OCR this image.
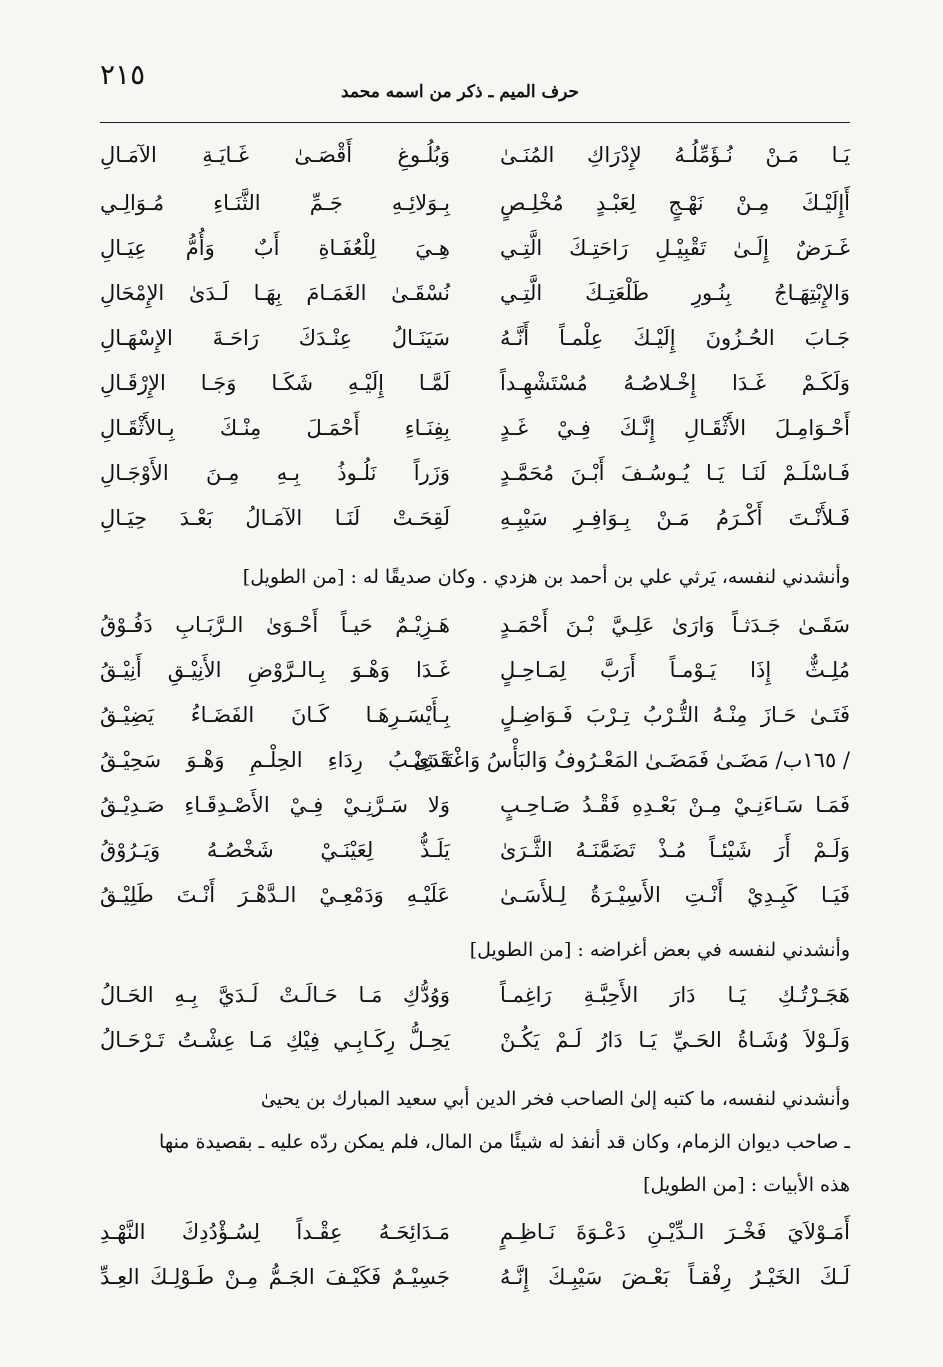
٢١٥
حرف الميم ـ ذكر من اسمه محمد
يَـا مَـنْ نُـؤَمِّلُـهُ لإِدْرَاكِ المُنَـىٰ
وَبُلُـوغِ أَقْصَـىٰ غَـايَـةِ الآمَـالِ
أَإِلَيْـكَ مِـنْ نَهْـجٍ لِعَبْـدٍ مُخْلِـصٍ
بِـوَلائِـهِ جَـمِّ الثَّنَـاءِ مُـوَالِـي
غَـرَضٌ إِلَـىٰ تَقْبِيْـلِ رَاحَتِـكَ الَّتِـي
هِـيَ لِلْعُفَـاةِ أَبٌ وَأُمُّ عِيَـالِ
وَالإِبْتِهَـاجُ بِنُـورِ طَلْعَتِـكَ الَّتِـي
نُسْقَـىٰ الغَمَـامَ بِهَـا لَـدَىٰ الإِمْحَالِ
جَـابَ الحُـزُونَ إِلَيْـكَ عِلْمـاً أَنَّـهُ
سَيَنَـالُ عِنْـدَكَ رَاحَـةَ الإِسْهَـالِ
وَلَكَـمْ غَـدَا إِخْـلاصُـهُ مُسْتَشْهِـداً
لَمَّـا إِلَيْـهِ شَكَـا وَجَـا الإِرْقَـالِ
أَحْـوَامِـلَ الأَثْقَـالِ إِنَّـكَ فِـيْ غَـدٍ
بِفِنَـاءِ أَحْمَـلَ مِنْـكَ بِـالأَثْقَـالِ
فَـاسْلَـمْ لَنَـا يَـا يُـوسُـفَ أَبْـنَ مُحَمَّـدٍ
وَزَراً نَلُـوذُ بِـهِ مِـنَ الأَوْجَـالِ
فَـلأَنْـتَ أَكْـرَمُ مَـنْ بِـوَافِـرِ سَيْبِـهِ
لَقِحَـتْ لَنَـا الآمَـالُ بَعْـدَ حِيَـالِ
وأنشدني لنفسه، يَرثي علي بن أحمد بن هزدي . وكان صديقًا له : [من الطويل]
سَقَـىٰ جَـدَثـاً وَارَىٰ عَلِـيَّ بْـنَ أَحْمَـدٍ
هَـزِيْـمٌ حَيـاً أَحْـوَىٰ الـرَّبَـابِ دَفُـوْقُ
مُلِـثٌّ إِذَا يَـوْمـاً أَرَبَّ لِمَـاحِـلٍ
غَـدَا وَهْـوَ بِـالـرَّوْضِ الأَنِيْـقِ أَنِيْـقُ
فَتَـىٰ حَـازَ مِنْـهُ التُّـرْبُ تِـرْبَ فَـوَاضِـلٍ
بِـأَيْسَـرِهَـا كَـانَ الفَضَـاءُ يَضِيْـقُ
/ ١٦٥ب/ مَضَـىٰ فَمَضَـىٰ المَعْـرُوفُ وَالبَأْسُ وَاغْتَـدَىٰ
قَشِيْـبُ رِدَاءِ الحِلْـمِ وَهْـوَ سَحِيْـقُ
فَمَـا سَـاءَنِـيْ مِـنْ بَعْـدِهِ فَقْـدُ صَـاحِـبٍ
وَلا سَـرَّنِـيْ فِـيْ الأَصْـدِقَـاءِ صَـدِيْـقُ
وَلَـمْ أَرَ شَيْئـاً مُـذْ تَضَمَّنَـهُ الثَّـرَىٰ
يَلَـذُّ لِعَيْنَـيْ شَخْصُـهُ وَيَـرُوْقُ
فَيَـا كَبِـدِيْ أَنْـتِ الأَسِيْـرَةُ لِـلأَسَـىٰ
عَلَيْـهِ وَدَمْعِـيْ الـدَّهْـرَ أَنْـتَ طَلِيْـقُ
وأنشدني لنفسه في بعض أغراضه : [من الطويل]
هَجَـرْتُـكِ يَـا دَارَ الأَحِبَّـةِ رَاغِمـاً
وَوُدُّكِ مَـا حَـالَـتْ لَـدَيَّ بِـهِ الحَـالُ
وَلَـوْلاَ وُشَـاةُ الحَـيِّ يَـا دَارُ لَـمْ يَكُـنْ
يَحِـلُّ رِكَـابِـي فِيْكِ مَـا عِشْـتُ تَـرْحَـالُ
وأنشدني لنفسه، ما كتبه إلىٰ الصاحب فخر الدين أبي سعيد المبارك بن يحيىٰ
ـ صاحب ديوان الزمام، وكان قد أنفذ له شيئًا من المال، فلم يمكن ردّه عليه ـ بقصيدة منها
هذه الأبيات : [من الطويل]
أَمَـوْلاَيَ فَخْـرَ الـدِّيْـنِ دَعْـوَةَ نَـاظِـمٍ
مَـدَائِحَـهُ عِقْـداً لِسُـؤْدُدِكَ النَّهْـدِ
لَـكَ الخَيْـرُ رِفْقـاً بَعْـضَ سَيْبِـكَ إِنَّـهُ
جَسِيْـمٌ فَكَيْـفَ الجَـمُّ مِـنْ طَـوْلِـكَ العِـدِّ
